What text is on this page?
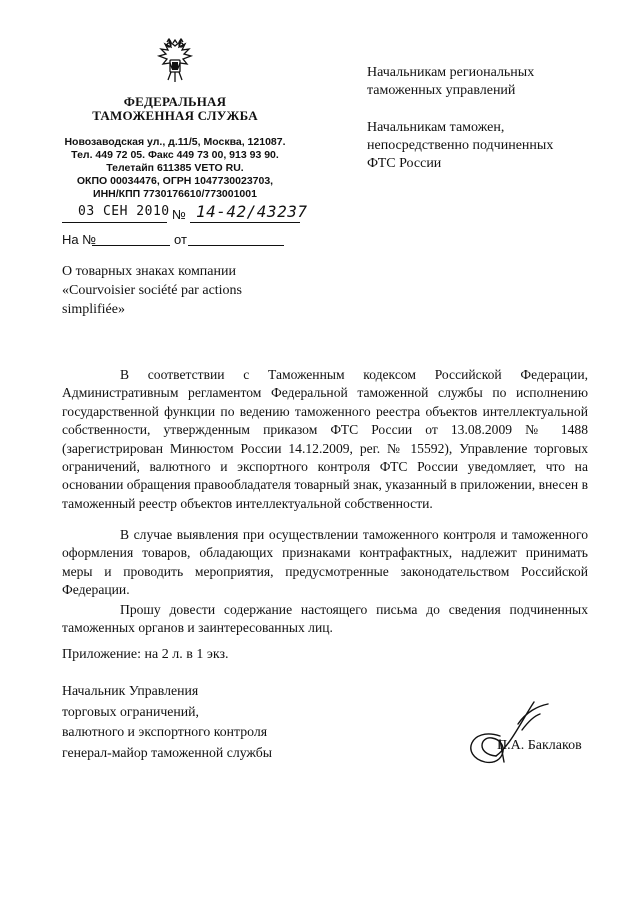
ФЕДЕРАЛЬНАЯ
ТАМОЖЕННАЯ СЛУЖБА
Новозаводская ул., д.11/5, Москва, 121087.
Тел. 449 72 05. Факс 449 73 00, 913 93 90.
Телетайп 611385 VETO RU.
ОКПО 00034476, ОГРН 1047730023703,
ИНН/КПП 7730176610/773001001
Начальникам региональных
таможенных управлений
Начальникам таможен,
непосредственно подчиненных
ФТС России
03 СЕН 2010 № 14-42/43237
На №	от
О товарных знаках компании
«Courvoisier société par actions
simplifiée»
В соответствии с Таможенным кодексом Российской Федерации, Административным регламентом Федеральной таможенной службы по исполнению государственной функции по ведению таможенного реестра объектов интеллектуальной собственности, утвержденным приказом ФТС России от 13.08.2009 № 1488 (зарегистрирован Минюстом России 14.12.2009, рег. № 15592), Управление торговых ограничений, валютного и экспортного контроля ФТС России уведомляет, что на основании обращения правообладателя товарный знак, указанный в приложении, внесен в таможенный реестр объектов интеллектуальной собственности.
В случае выявления при осуществлении таможенного контроля и таможенного оформления товаров, обладающих признаками контрафактных, надлежит принимать меры и проводить мероприятия, предусмотренные законодательством Российской Федерации.
Прошу довести содержание настоящего письма до сведения подчиненных таможенных органов и заинтересованных лиц.
Приложение: на 2 л. в 1 экз.
Начальник Управления
торговых ограничений,
валютного и экспортного контроля
генерал-майор таможенной службы	П.А. Баклаков
